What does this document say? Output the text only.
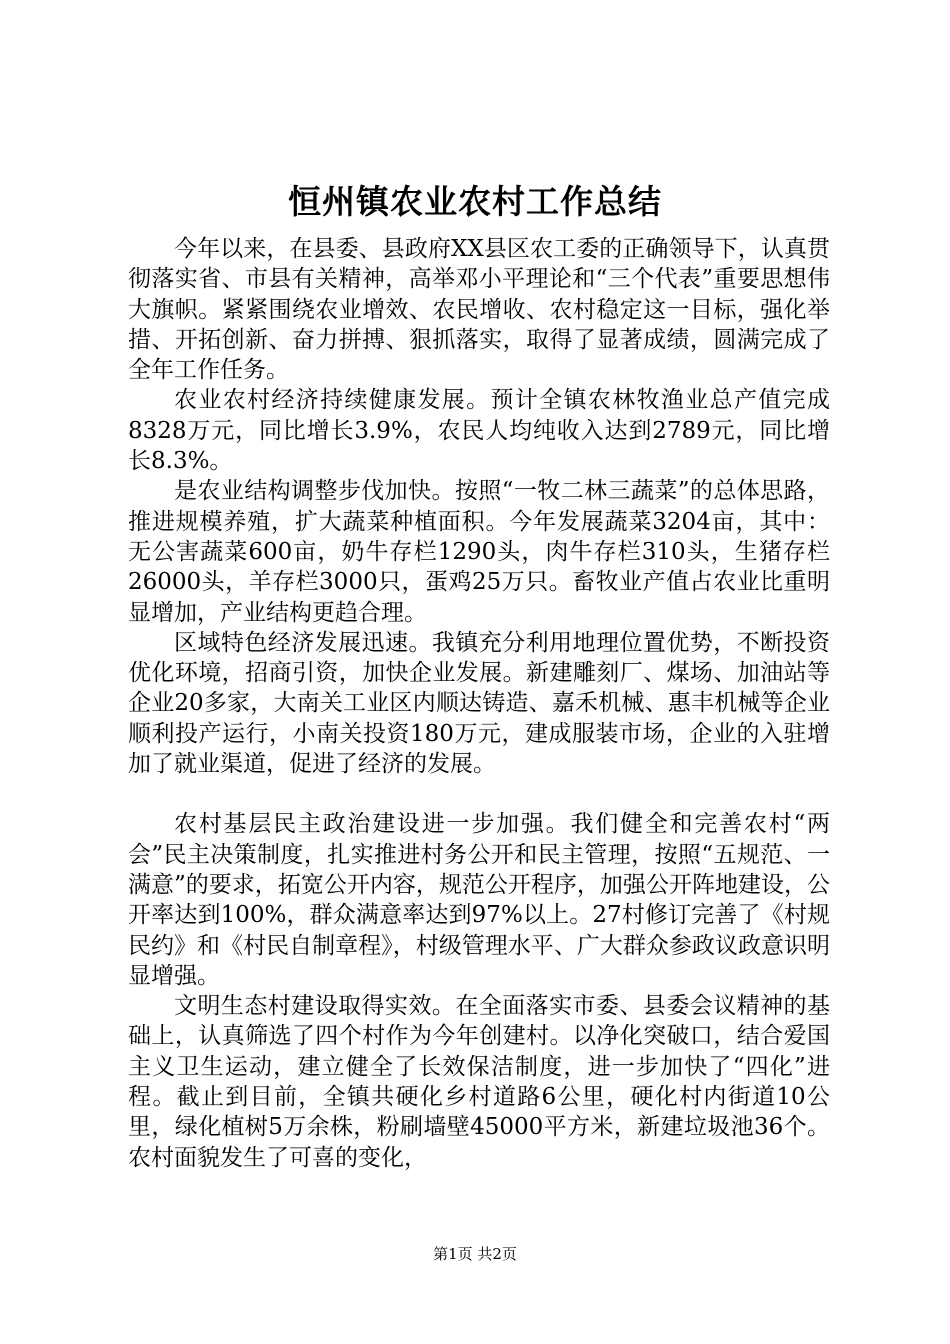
恒州镇农业农村工作总结

今年以来，在县委、县政府XX县区农工委的正确领导下，认真贯彻落实省、市县有关精神，高举邓小平理论和“三个代表”重要思想伟大旗帜。紧紧围绕农业增效、农民增收、农村稳定这一目标，强化举措、开拓创新、奋力拼搏、狠抓落实，取得了显著成绩，圆满完成了全年工作任务。

农业农村经济持续健康发展。预计全镇农林牧渔业总产值完成8328万元，同比增长3.9%，农民人均纯收入达到2789元，同比增长8.3%。

是农业结构调整步伐加快。按照“一牧二林三蔬菜”的总体思路，推进规模养殖，扩大蔬菜种植面积。今年发展蔬菜3204亩，其中：无公害蔬菜600亩，奶牛存栏1290头，肉牛存栏310头，生猪存栏26000头，羊存栏3000只，蛋鸡25万只。畜牧业产值占农业比重明显增加，产业结构更趋合理。

区域特色经济发展迅速。我镇充分利用地理位置优势，不断投资优化环境，招商引资，加快企业发展。新建雕刻厂、煤场、加油站等企业20多家，大南关工业区内顺达铸造、嘉禾机械、惠丰机械等企业顺利投产运行，小南关投资180万元，建成服装市场，企业的入驻增加了就业渠道，促进了经济的发展。

农村基层民主政治建设进一步加强。我们健全和完善农村“两会”民主决策制度，扎实推进村务公开和民主管理，按照“五规范、一满意”的要求，拓宽公开内容，规范公开程序，加强公开阵地建设，公开率达到100%，群众满意率达到97%以上。27村修订完善了《村规民约》和《村民自制章程》，村级管理水平、广大群众参政议政意识明显增强。

文明生态村建设取得实效。在全面落实市委、县委会议精神的基础上，认真筛选了四个村作为今年创建村。以净化突破口，结合爱国主义卫生运动，建立健全了长效保洁制度，进一步加快了“四化”进程。截止到目前，全镇共硬化乡村道路6公里，硬化村内街道10公里，绿化植树5万余株，粉刷墙壁45000平方米，新建垃圾池36个。农村面貌发生了可喜的变化，

第1页 共2页
